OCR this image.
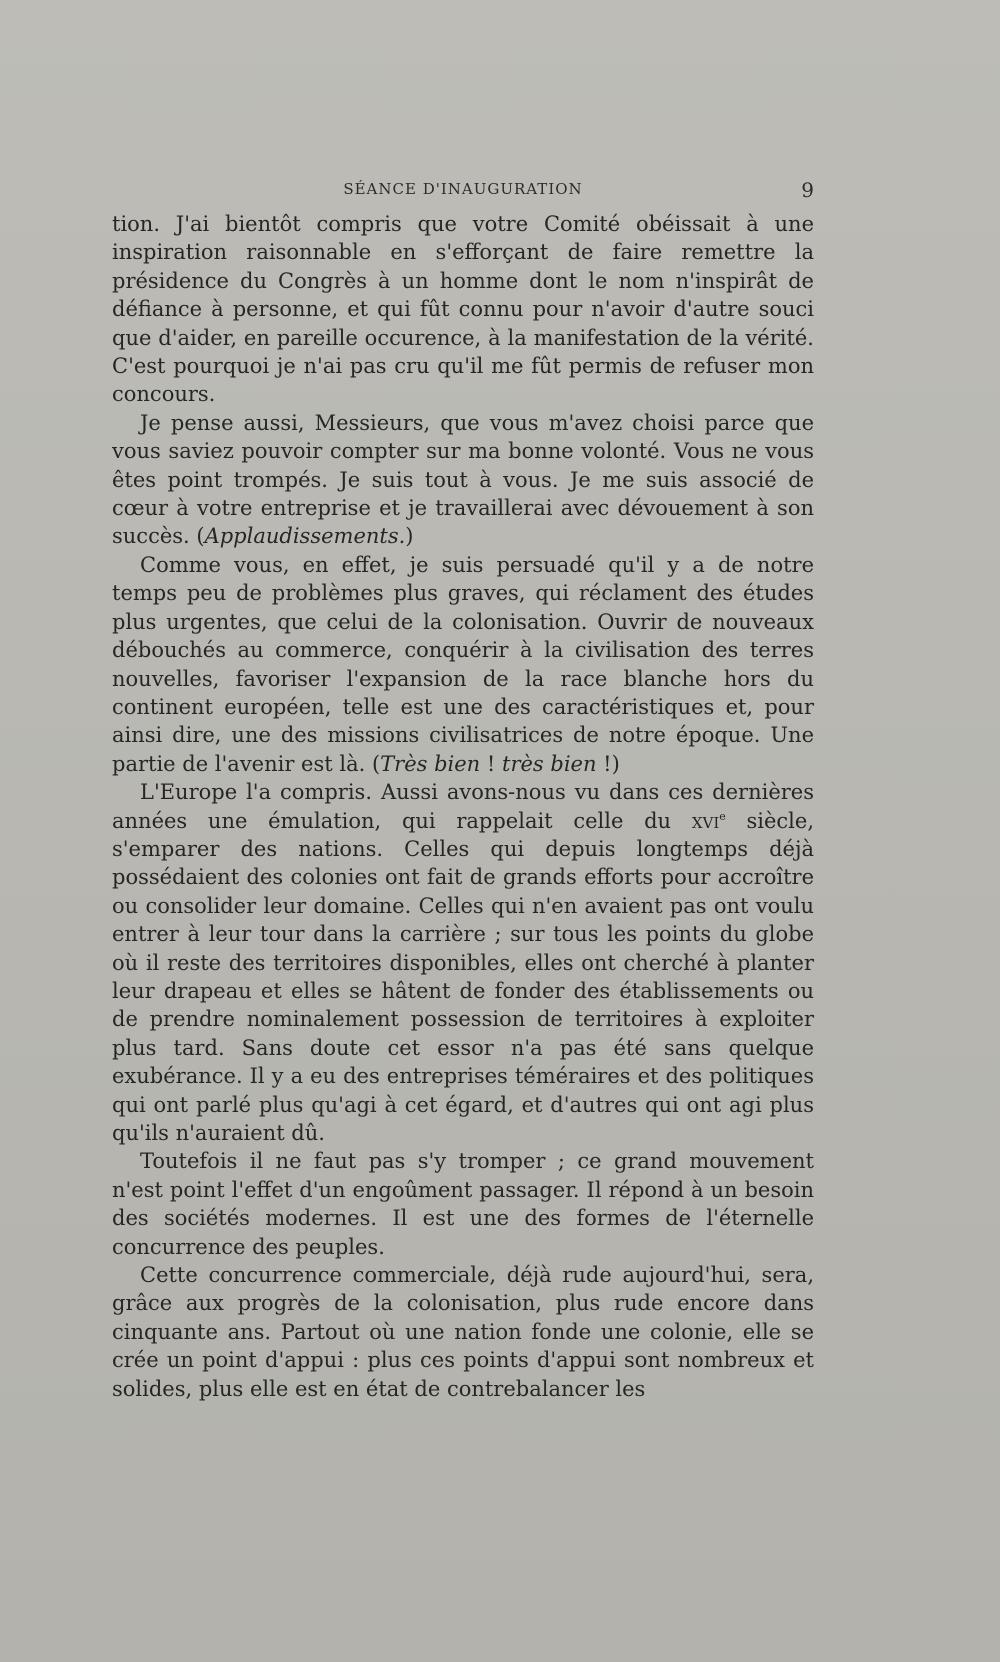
SÉANCE D'INAUGURATION	9

tion. J'ai bientôt compris que votre Comité obéissait à une inspiration raisonnable en s'efforçant de faire remettre la présidence du Congrès à un homme dont le nom n'inspirât de défiance à personne, et qui fût connu pour n'avoir d'autre souci que d'aider, en pareille occurence, à la manifestation de la vérité. C'est pourquoi je n'ai pas cru qu'il me fût permis de refuser mon concours.

Je pense aussi, Messieurs, que vous m'avez choisi parce que vous saviez pouvoir compter sur ma bonne volonté. Vous ne vous êtes point trompés. Je suis tout à vous. Je me suis associé de cœur à votre entreprise et je travaillerai avec dévouement à son succès. (Applaudissements.)

Comme vous, en effet, je suis persuadé qu'il y a de notre temps peu de problèmes plus graves, qui réclament des études plus urgentes, que celui de la colonisation. Ouvrir de nouveaux débouchés au commerce, conquérir à la civilisation des terres nouvelles, favoriser l'expansion de la race blanche hors du continent européen, telle est une des caractéristiques et, pour ainsi dire, une des missions civilisatrices de notre époque. Une partie de l'avenir est là. (Très bien ! très bien !)

L'Europe l'a compris. Aussi avons-nous vu dans ces dernières années une émulation, qui rappelait celle du xvi$^e$ siècle, s'emparer des nations. Celles qui depuis longtemps déjà possédaient des colonies ont fait de grands efforts pour accroître ou consolider leur domaine. Celles qui n'en avaient pas ont voulu entrer à leur tour dans la carrière ; sur tous les points du globe où il reste des territoires disponibles, elles ont cherché à planter leur drapeau et elles se hâtent de fonder des établissements ou de prendre nominalement possession de territoires à exploiter plus tard. Sans doute cet essor n'a pas été sans quelque exubérance. Il y a eu des entreprises téméraires et des politiques qui ont parlé plus qu'agi à cet égard, et d'autres qui ont agi plus qu'ils n'auraient dû.

Toutefois il ne faut pas s'y tromper ; ce grand mouvement n'est point l'effet d'un engoûment passager. Il répond à un besoin des sociétés modernes. Il est une des formes de l'éternelle concurrence des peuples.

Cette concurrence commerciale, déjà rude aujourd'hui, sera, grâce aux progrès de la colonisation, plus rude encore dans cinquante ans. Partout où une nation fonde une colonie, elle se crée un point d'appui : plus ces points d'appui sont nombreux et solides, plus elle est en état de contrebalancer les
